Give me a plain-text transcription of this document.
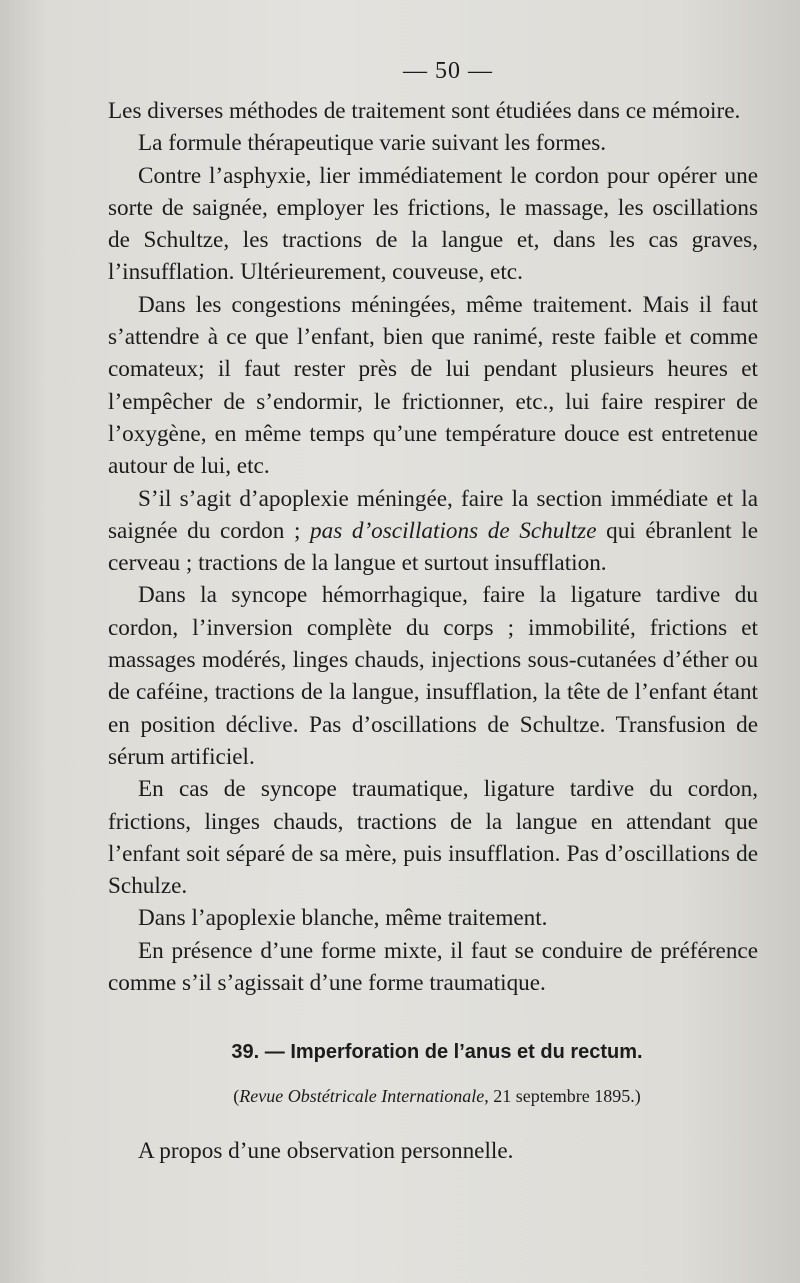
— 50 —

Les diverses méthodes de traitement sont étudiées dans ce mémoire.

La formule thérapeutique varie suivant les formes.

Contre l’asphyxie, lier immédiatement le cordon pour opérer une sorte de saignée, employer les frictions, le massage, les oscillations de Schultze, les tractions de la langue et, dans les cas graves, l’insufflation. Ultérieurement, couveuse, etc.

Dans les congestions méningées, même traitement. Mais il faut s’attendre à ce que l’enfant, bien que ranimé, reste faible et comme comateux; il faut rester près de lui pendant plusieurs heures et l’empêcher de s’endormir, le frictionner, etc., lui faire respirer de l’oxygène, en même temps qu’une température douce est entretenue autour de lui, etc.

S’il s’agit d’apoplexie méningée, faire la section immédiate et la saignée du cordon ; pas d’oscillations de Schultze qui ébranlent le cerveau ; tractions de la langue et surtout insufflation.

Dans la syncope hémorrhagique, faire la ligature tardive du cordon, l’inversion complète du corps ; immobilité, frictions et massages modérés, linges chauds, injections sous-cutanées d’éther ou de caféine, tractions de la langue, insufflation, la tête de l’enfant étant en position déclive. Pas d’oscillations de Schultze. Transfusion de sérum artificiel.

En cas de syncope traumatique, ligature tardive du cordon, frictions, linges chauds, tractions de la langue en attendant que l’enfant soit séparé de sa mère, puis insufflation. Pas d’oscillations de Schulze.

Dans l’apoplexie blanche, même traitement.

En présence d’une forme mixte, il faut se conduire de préférence comme s’il s’agissait d’une forme traumatique.

39. — Imperforation de l’anus et du rectum.
(Revue Obstétricale Internationale, 21 septembre 1895.)

A propos d’une observation personnelle.
